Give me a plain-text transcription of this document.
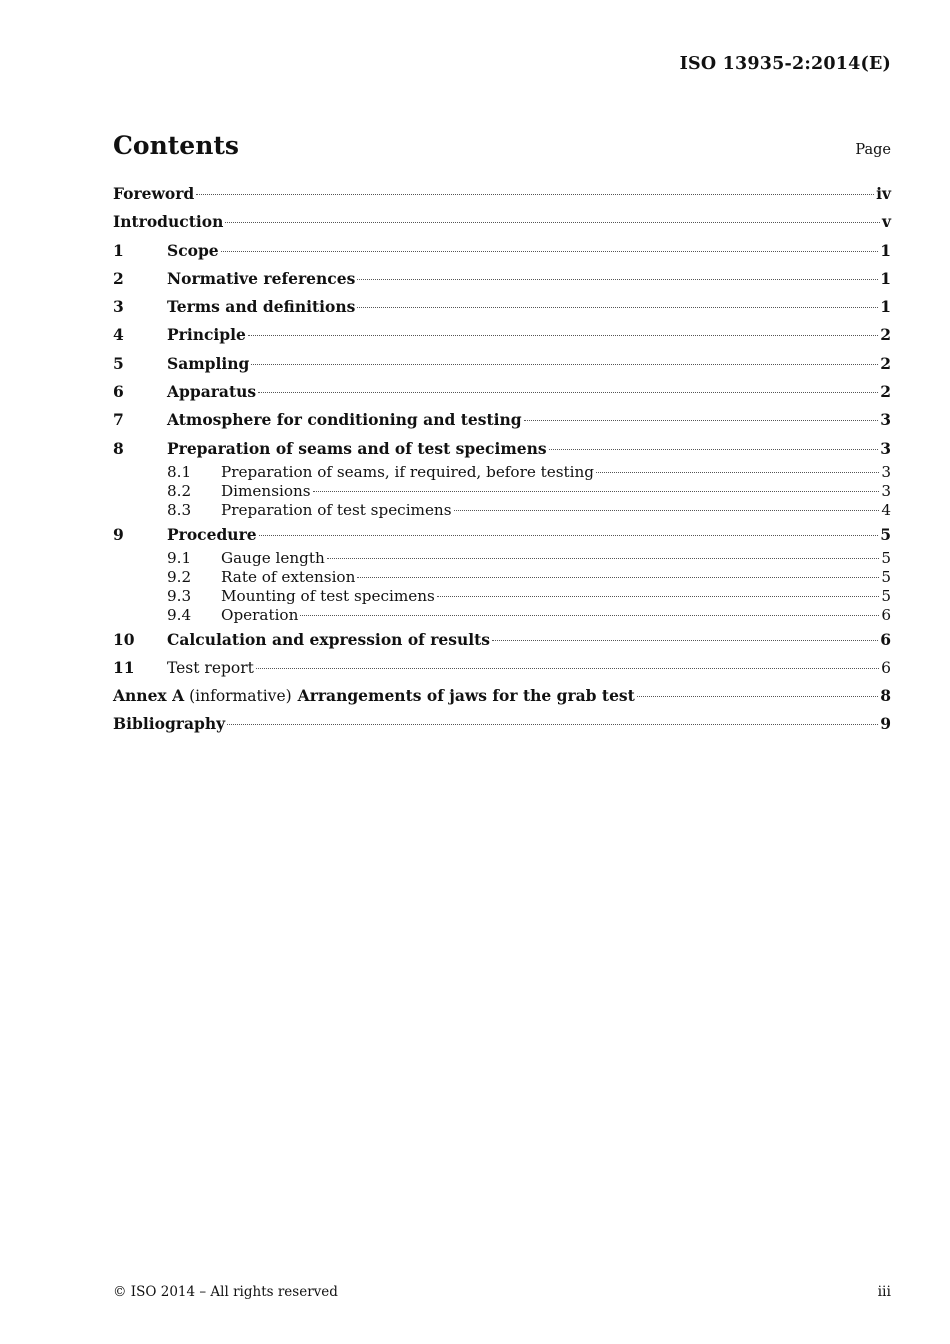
ISO 13935-2:2014(E)
Contents	Page
Foreword	iv
Introduction	v
1	Scope	1
2	Normative references	1
3	Terms and definitions	1
4	Principle	2
5	Sampling	2
6	Apparatus	2
7	Atmosphere for conditioning and testing	3
8	Preparation of seams and of test specimens	3
8.1	Preparation of seams, if required, before testing	3
8.2	Dimensions	3
8.3	Preparation of test specimens	4
9	Procedure	5
9.1	Gauge length	5
9.2	Rate of extension	5
9.3	Mounting of test specimens	5
9.4	Operation	6
10	Calculation and expression of results	6
11	Test report	6
Annex A (informative) Arrangements of jaws for the grab test	8
Bibliography	9
© ISO 2014 – All rights reserved	iii
